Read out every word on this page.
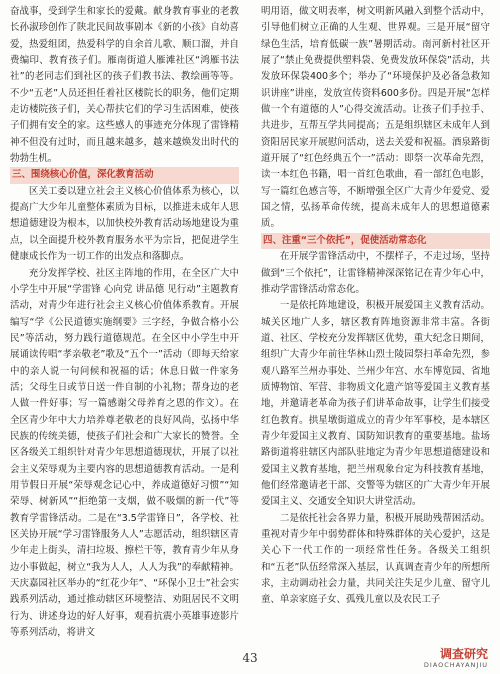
奋战事，受到学生和家长的爱戴。献身教育事业的老教长孙淑珍创作了陕北民间故事剧本《新的小孩》自幼喜爱，热爱组团，热爱科学的自余首儿歌、顺口溜，并自费编印、教育孩子们。雁南街道人雁滩社区“鸿雁书法社”的老同志们到社区的孩子们教书法、教绘画等等。不少“五老”人员还担任着社区楼院长的职务，他们定期走访楼院孩子们，关心帮扶它们的学习生活困难，使孩子们拥有安全的家。这些感人的事迹充分体现了雷锋精神不但没有过时，而且越来越多，越来越焕发出时代的勃勃生机。

三、围绕核心价值，深化教育活动

区关工委以建立社会主义核心价值体系为核心，以提高广大少年儿童整体素质为目标，以推进未成年人思想道德建设为根本，以加快校外教育活动场地建设为重点，以全面提升校外教育服务水平为宗旨，把促进学生健康成长作为一切工作的出发点和落脚点。

充分发挥学校、社区主阵地的作用，在全区广大中小学生中开展“学雷锋 心向党 讲品德 见行动”主题教育活动，对青少年进行社会主义核心价值体系教育。开展编写“学《公民道德实施纲要》三字经，争做合格小公民”等活动，努力践行道德规范。在全区中小学生中开展诵读传唱“孝亲敬老”歌及“五个一”活动（即每天给家中的亲人说一句问候和祝福的话；休息日做一件家务活；父母生日或节日送一件自制的小礼物；帮身边的老人做一件好事；写一篇感谢父母养育之恩的作文）。在全区青少年中大力培养尊老敬老的良好风尚，弘扬中华民族的传统美德，使孩子们社会和广大家长的赞誉。全区各级关工组织针对青少年思想道德现状，开展了以社会主义荣辱观为主要内容的思想道德教育活动。一是利用节假日开展“荣辱观念记心中，养成道德好习惯”“知荣辱、树新风”“拒绝第一支烟，做不吸烟的新一代”等教育学雷锋活动。二是在“3.5学雷锋日”，各学校、社区关协开展“学习雷锋服务人人”志愿活动，组织辖区青少年走上街头，清扫垃圾、擦栏干等，教育青少年从身边小事做起，树立“我为人人，人人为我”的奉献精神。天庆嘉园社区举办的“红花少年”、“环保小卫士”社会实践系列活动，通过推动辖区环境整洁、劝阻居民不文明行为、讲述身边的好人好事，观看抗震小英雄事迹影片等系列活动，将讲文

明用语，做文明表率，树文明新风融入到整个活动中，引导他们树立正确的人生观、世界观。三是开展“留守绿色生活，培育低碳一族”暑期活动。南河新村社区开展了“禁止免费提供塑料袋、免费发放环保袋”活动，共发放环保袋400多个；举办了“环境保护及必备急救知识讲座”讲座，发放宣传资料600多份。四是开展“怎样做一个有道德的人”心得交流活动。让孩子们手拉手、共进步，互帮互学共同提高；五是组织辖区未成年人到资阳居民家开展慰问活动，送去关爱和祝福。酒泉路街道开展了“红色经典五个一”活动：即祭一次革命先烈，读一本红色书籍，唱一首红色歌曲，看一部红色电影，写一篇红色感言等，不断增强全区广大青少年爱党、爱国之情，弘扬革命传统，提高未成年人的思想道德素质。

四、注重“三个依托”，促使活动常态化

在开展学雷锋活动中，不摆样子，不走过场，坚持做到“三个依托”，让雷锋精神深深铭记在青少年心中，推动学雷锋活动常态化。

一是依托阵地建设，积极开展爱国主义教育活动。城关区地广人多，辖区教育阵地资源非常丰富。各街道、社区、学校充分发挥辖区优势，重大纪念日期间，组织广大青少年前往华林山烈士陵园祭扫革命先烈，参观八路军兰州办事处、兰州少年宫、水车博览园、省地质博物馆、军营、非物质文化遗产馆等爱国主义教育基地，并邀请老革命为孩子们讲革命故事，让学生们接受红色教育。拱星墩街道成立的青少年军事校，是本辖区青少年爱国主义教育、国防知识教育的重要基地。盐场路街道将驻辖区内部队驻地定为青少年思想道德建设和爱国主义教育基地，把兰州观象台定为科技教育基地，他们经常邀请老干部、交警等为辖区的广大青少年开展爱国主义、交通安全知识大讲堂活动。

二是依托社会各界力量，积极开展助残帮困活动。重视对青少年中弱势群体和特殊群体的关心爱护，这是关心下一代工作的一项经常性任务。各级关工组织和“五老”队伍经常深入基层，认真调查青少年的所想所求，主动调动社会力量，共同关注失足少儿童、留守儿童、单亲家庭子女、孤残儿童以及农民工子

43	调查研究
DIAOCHAYANJIU
